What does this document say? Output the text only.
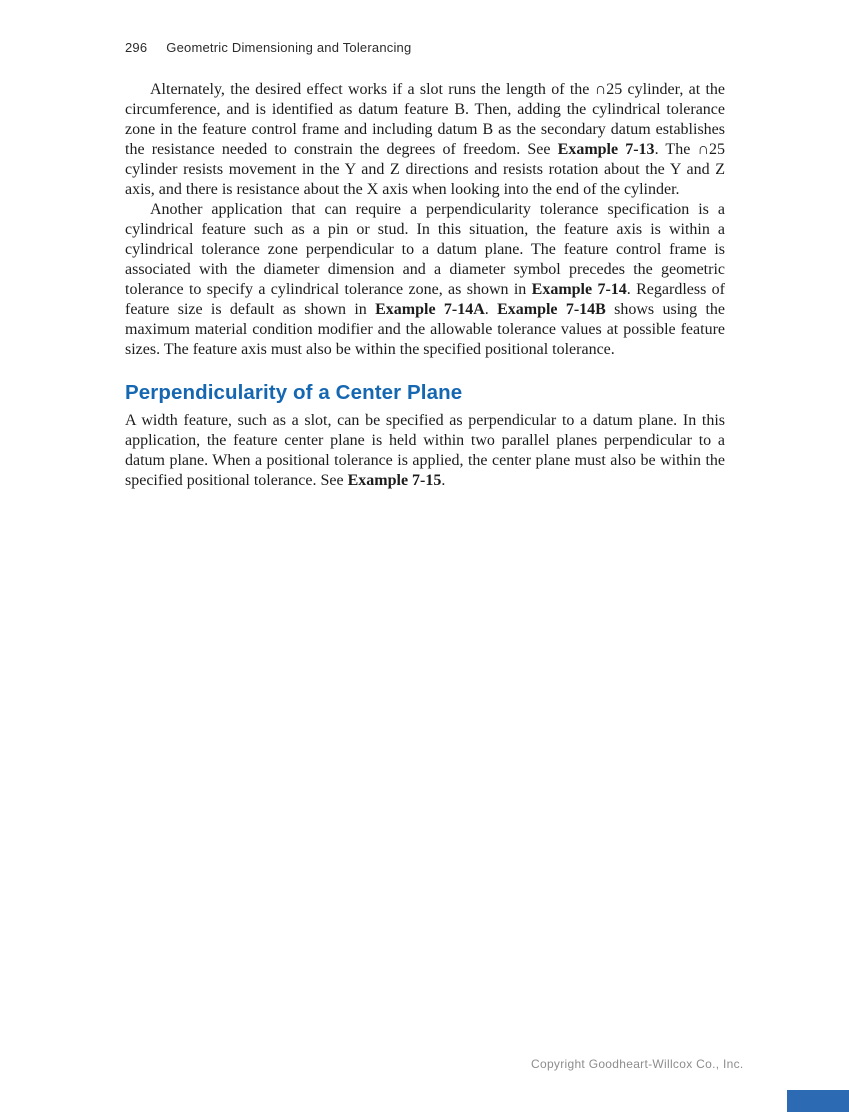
296 Geometric Dimensioning and Tolerancing

Alternately, the desired effect works if a slot runs the length of the ∩25 cylinder, at the circumference, and is identified as datum feature B. Then, adding the cylindrical tolerance zone in the feature control frame and including datum B as the secondary datum establishes the resistance needed to constrain the degrees of freedom. See Example 7-13. The ∩25 cylinder resists movement in the Y and Z directions and resists rotation about the Y and Z axis, and there is resistance about the X axis when looking into the end of the cylinder.

Another application that can require a perpendicularity tolerance specification is a cylindrical feature such as a pin or stud. In this situation, the feature axis is within a cylindrical tolerance zone perpendicular to a datum plane. The feature control frame is associated with the diameter dimension and a diameter symbol precedes the geometric tolerance to specify a cylindrical tolerance zone, as shown in Example 7-14. Regardless of feature size is default as shown in Example 7-14A. Example 7-14B shows using the maximum material condition modifier and the allowable tolerance values at possible feature sizes. The feature axis must also be within the specified positional tolerance.

Perpendicularity of a Center Plane

A width feature, such as a slot, can be specified as perpendicular to a datum plane. In this application, the feature center plane is held within two parallel planes perpendicular to a datum plane. When a positional tolerance is applied, the center plane must also be within the specified positional tolerance. See Example 7-15.

Copyright Goodheart-Willcox Co., Inc.
